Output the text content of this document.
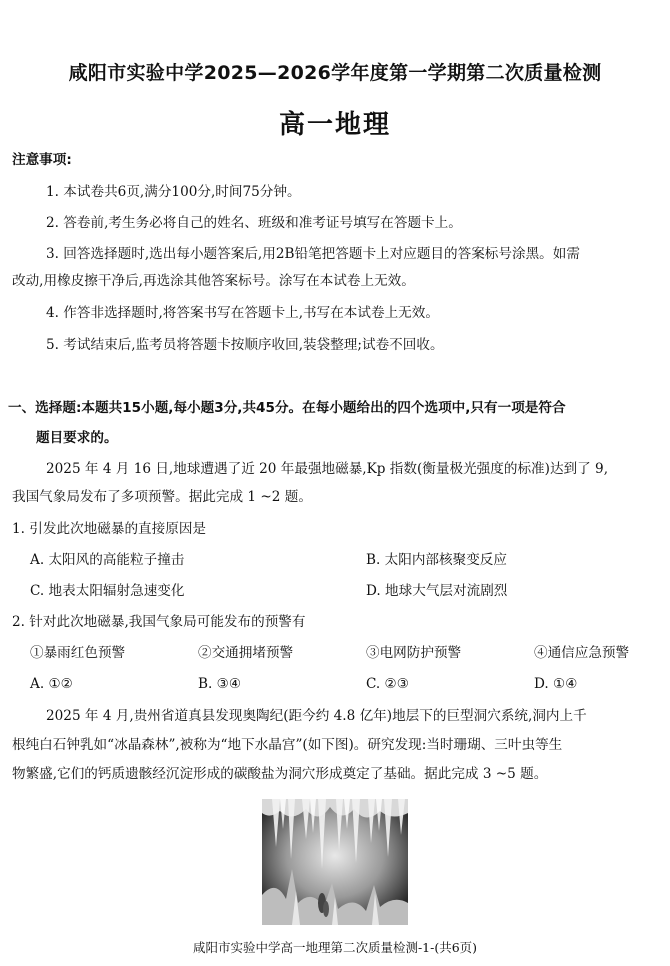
咸阳市实验中学2025—2026学年度第一学期第二次质量检测
高一地理
注意事项:
1. 本试卷共6页,满分100分,时间75分钟。
2. 答卷前,考生务必将自己的姓名、班级和准考证号填写在答题卡上。
3. 回答选择题时,选出每小题答案后,用2B铅笔把答题卡上对应题目的答案标号涂黑。如需
改动,用橡皮擦干净后,再选涂其他答案标号。涂写在本试卷上无效。
4. 作答非选择题时,将答案书写在答题卡上,书写在本试卷上无效。
5. 考试结束后,监考员将答题卡按顺序收回,装袋整理;试卷不回收。
一、选择题:本题共15小题,每小题3分,共45分。在每小题给出的四个选项中,只有一项是符合
题目要求的。
2025 年 4 月 16 日,地球遭遇了近 20 年最强地磁暴,Kp 指数(衡量极光强度的标准)达到了 9,
我国气象局发布了多项预警。据此完成 1 ~2 题。
1. 引发此次地磁暴的直接原因是
A. 太阳风的高能粒子撞击	B. 太阳内部核聚变反应
C. 地表太阳辐射急速变化	D. 地球大气层对流剧烈
2. 针对此次地磁暴,我国气象局可能发布的预警有
①暴雨红色预警	②交通拥堵预警	③电网防护预警	④通信应急预警
A. ①②	B. ③④	C. ②③	D. ①④
2025 年 4 月,贵州省道真县发现奥陶纪(距今约 4.8 亿年)地层下的巨型洞穴系统,洞内上千
根纯白石钟乳如“冰晶森林”,被称为“地下水晶宫”(如下图)。研究发现:当时珊瑚、三叶虫等生
物繁盛,它们的钙质遗骸经沉淀形成的碳酸盐为洞穴形成奠定了基础。据此完成 3 ~5 题。
咸阳市实验中学高一地理第二次质量检测-1-(共6页)
